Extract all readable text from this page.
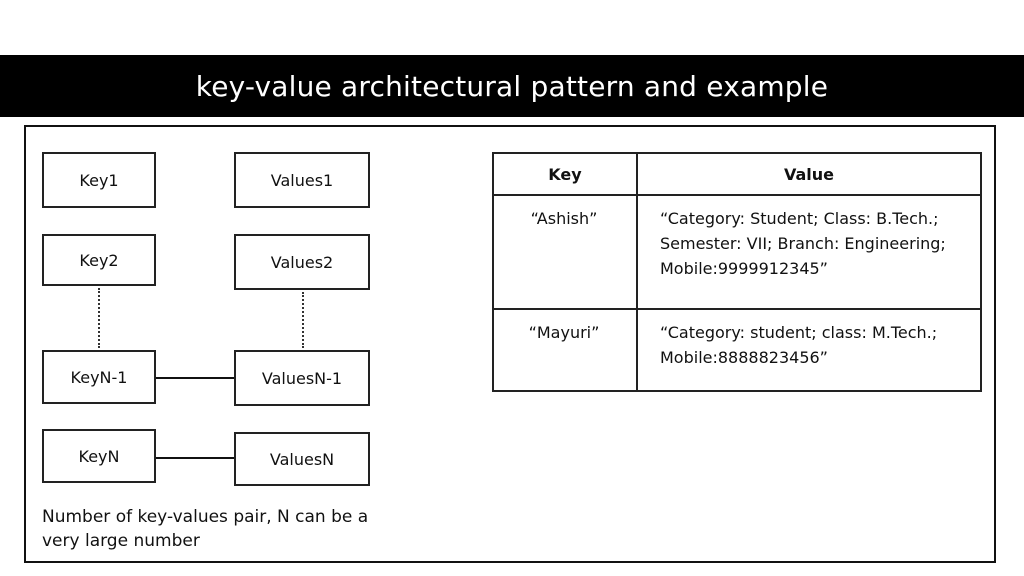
key-value architectural pattern and example
Key1
Key2
KeyN-1
KeyN
Values1
Values2
ValuesN-1
ValuesN
Number of key-values pair, N can be a very large number
Key	Value
“Ashish”	“Category: Student; Class: B.Tech.; Semester: VII; Branch: Engineering; Mobile:9999912345”
“Mayuri”	“Category: student; class: M.Tech.; Mobile:8888823456”
